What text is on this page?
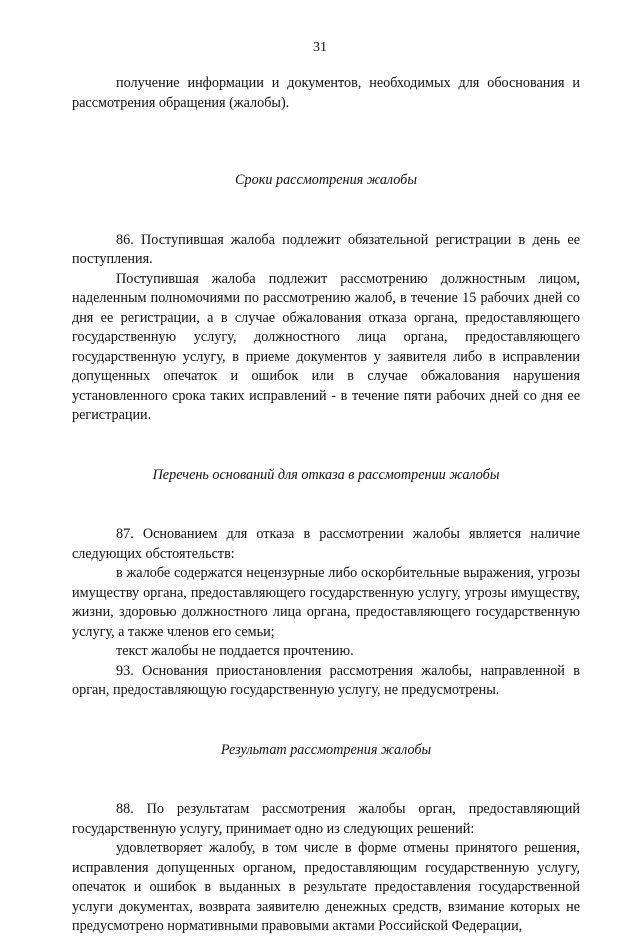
31

получение информации и документов, необходимых для обоснования и рассмотрения обращения (жалобы).

Сроки рассмотрения жалобы

86. Поступившая жалоба подлежит обязательной регистрации в день ее поступления.

Поступившая жалоба подлежит рассмотрению должностным лицом, наделенным полномочиями по рассмотрению жалоб, в течение 15 рабочих дней со дня ее регистрации, а в случае обжалования отказа органа, предоставляющего государственную услугу, должностного лица органа, предоставляющего государственную услугу, в приеме документов у заявителя либо в исправлении допущенных опечаток и ошибок или в случае обжалования нарушения установленного срока таких исправлений - в течение пяти рабочих дней со дня ее регистрации.

Перечень оснований для отказа в рассмотрении жалобы

87. Основанием для отказа в рассмотрении жалобы является наличие следующих обстоятельств:

в жалобе содержатся нецензурные либо оскорбительные выражения, угрозы имуществу органа, предоставляющего государственную услугу, угрозы имуществу, жизни, здоровью должностного лица органа, предоставляющего государственную услугу, а также членов его семьи;

текст жалобы не поддается прочтению.

93. Основания приостановления рассмотрения жалобы, направленной в орган, предоставляющую государственную услугу, не предусмотрены.

Результат рассмотрения жалобы

88. По результатам рассмотрения жалобы орган, предоставляющий государственную услугу, принимает одно из следующих решений:

удовлетворяет жалобу, в том числе в форме отмены принятого решения, исправления допущенных органом, предоставляющим государственную услугу, опечаток и ошибок в выданных в результате предоставления государственной услуги документах, возврата заявителю денежных средств, взимание которых не предусмотрено нормативными правовыми актами Российской Федерации,
